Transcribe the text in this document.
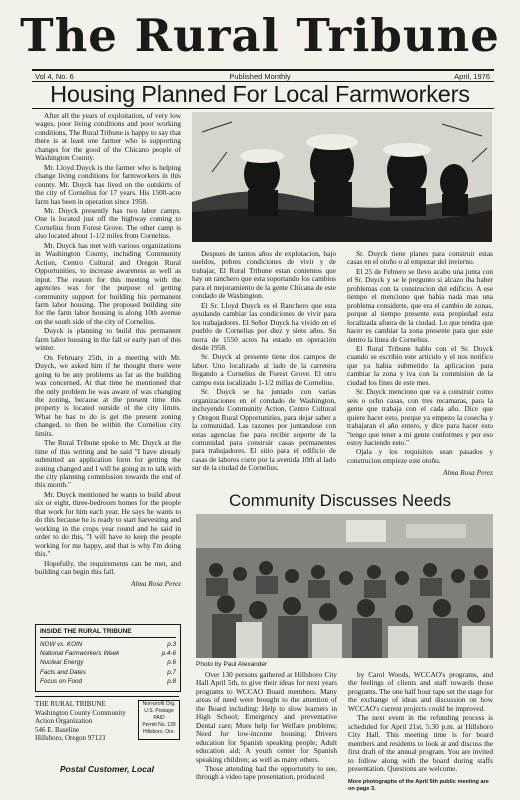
The Rural Tribune
Vol 4, No. 6	Published Monthly	April, 1976
Housing Planned For Local Farmworkers

After all the years of exploitation, of very low wages, poor living conditions and poor working conditions, The Rural Tribune is happy to say that there is at least one farmer who is supporting changes for the good of the Chicano people of Washington County.

Mr. Lloyd Duyck is the farmer who is helping change living conditions for farmworkers in this county. Mr. Duyck has lived on the outskirts of the city of Cornelius for 17 years. His 1500-acre farm has been in operation since 1958.

Mr. Duyck presently has two labor camps. One is located just off the highway coming to Cornelius from Forest Grove. The other camp is also located about 1-1/2 miles from Cornelius.

Mr. Duyck has met with various organizations in Washington County, including Community Action, Centro Cultural and Oregon Rural Opportunities, to increase awareness as well as input. The reason for this meeting with the agencies was for the purpose of getting community support for building his permanent farm labor housing. The proposed building site for the farm labor housing is along 10th avenue on the south side of the city of Cornelius.

Duyck is planning to build this permanent farm labor housing in the fall or early part of this winter.

On February 25th, in a meeting with Mr. Duyck, we asked him if he thought there were going to be any problems as far as the building was concerned. At that time he mentioned that the only problem he was aware of was changing the zoning, because at the present time this property is located outside of the city limits. What he has to do is get the present zoning changed, to then be within the Cornelius city limits.

The Rural Tribune spoke to Mr. Duyck at the time of this writing and he said "I have already submitted an application form for getting the zoning changed and I will be going in to talk with the city planning commission towards the end of this month."

Mr. Duyck mentioned he wants to build about six or eight, three-bedroom homes for the people that work for him each year. He says he wants to do this because he is ready to start harvesting and working in the crops year round and he said in order to do this, "I will have to keep the people working for me happy, and that is why I'm doing this."

Hopefully, the requirements can be met, and building can begin this fall.

Alma Rosa Perez

Despues de tantos años de explotacion, bajo sueldos, pobres condiciones de vivir y de trabajar, El Rural Tribune estan contentos que hay un ranchero que esta soportando los cambios para el mejoramiento de la gente Chicana de este condado de Washington.

El Sr. Lloyd Duyck es el Ranchero que esta ayudando cambiar las condiciones de vivir para los trabajadores. El Señor Duyck ha vivido en el pueblo de Cornelius por diez y siete años. Su tierra de 1550 acres ha estado en operación desde 1958.

Sr. Duyck al presente tiene dos campos de labor. Uno localizado al lado de la carretera llegando a Cornelius de Forest Grove. El otro campo esta localizado 1-1/2 millas de Cornelius.

Sr. Duyck se ha juntado con varias organizaciones en el condado de Washington, incluyendo Community Action, Centro Cultural y Oregon Rural Opportunities, para dejar saber a la comunidad. Las razones por juntandose con estas agencias fue para recibir soporte de la comunidad para construir casas permanentes para trabajadores. El sitio para el edificio de casas de labores corre por la avenida 10th al lado sur de la ciudad de Cornelius.

Sr. Duyck tiene planes para construir estas casas en el otoño o al empezar del invierno.

El 25 de Febrero se llevo acabo una junta con el Sr. Duyck y se le pregunto si alcazo iba haber problemas con la construcion del edificio. A ese tiempo el menciono que habia nada mas una problema considerte, que era el cambio de zonas, porque al tiempo presente esta propiedad esta localizada afuera de la ciudad. Lo que tendra que hacer es cambiar la zona presente para que este dentro la linea de Cornelius.

El Rural Tribune hablo con el Sr. Duyck cuando se escribio este articulo y el nos notifico que ya habia submetido la aplicacion para cambiar la zona y iva con la commision de la ciudad los fines de este mes.

Sr. Duyck menciono que va a construir como seis o ocho casas, con tres recamaras, para la gente que trabaja con el cada año. Dice que quiere hacer esto, porque ya empezo la cosecha y trabajaran el año entero, y dice para hacer esto "tengo que tener a mi gente conformes y por eso estoy haciendo esto."

Ojala y los requisitos sean pasados y construcion empieze este otoño.

Alma Rosa Perez

Community Discusses Needs
Photo by Paul Alexander

Over 130 persons gathered at Hillsboro City Hall April 5th, to give their ideas for next years programs to WCCAO Board members. Many areas of need were brought to the attention of the Board including: Help to slow learners in High School; Emergency and preventative Dental care; More help for Welfare problems; Need for low-income housing; Drivers education for Spanish speaking people; Adult education aid; A youth center for Spanish speaking children; as well as many others.

Those attending had the opportunity to see, through a video tape presentation, produced

by Carol Woods, WCCAO's programs, and the feelings of clients and staff towards those programs. The one half hour tape set the stage for the exchange of ideas and discussion on how WCCAO's current projects could be improved.

The next event in the refunding process is scheduled for April 21st, 5:30 p.m. at Hillsboro City Hall. This meeting time is for board members and residents to look at and discuss the first draft of the annual program. You are invited to follow along with the board during staffs presentation. Questions are welcome.

More photographs of the April 5th public meeting are on page 3.
INSIDE THE RURAL TRIBUNE
NOW vs. KOIN	p.3
National Farmworkers Week	p.4-6
Nuclear Energy	p.6
Facts and Dates	p.7
Focus on Food	p.8
THE RURAL TRIBUNE
Washington County Community
Action Organization
546 E. Baseline
Hillsboro, Oregon 97123
Non-profit Org.
U.S. Postage
PAID
Permit No. 139
Hillsboro, Ore.
Postal Customer, Local
